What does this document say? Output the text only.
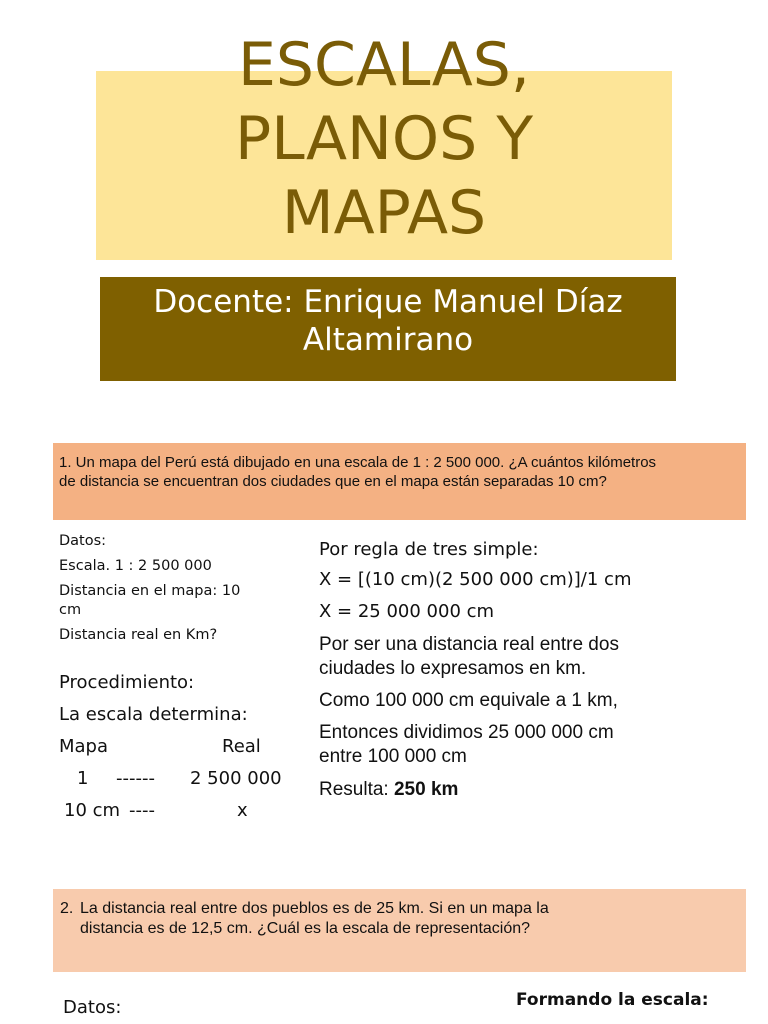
ESCALAS,
PLANOS Y
MAPAS
Docente: Enrique Manuel Díaz
Altamirano
1. Un mapa del Perú está dibujado en una escala de 1 : 2 500 000. ¿A cuántos kilómetros
de distancia se encuentran dos ciudades que en el mapa están separadas 10 cm?
Datos:
Escala. 1 : 2 500 000
Distancia en el mapa: 10
cm
Distancia real en Km?
Procedimiento:
La escala determina:
Mapa	Real
1 ------ 2 500 000
10 cm ----	x
Por regla de tres simple:
X = [(10 cm)(2 500 000 cm)]/1 cm
X = 25 000 000 cm
Por ser una distancia real entre dos
ciudades lo expresamos en km.
Como 100 000 cm equivale a 1 km,
Entonces dividimos 25 000 000 cm
entre 100 000 cm
Resulta: 250 km
2. La distancia real entre dos pueblos es de 25 km. Si en un mapa la
distancia es de 12,5 cm. ¿Cuál es la escala de representación?
Datos:	Formando la escala:
